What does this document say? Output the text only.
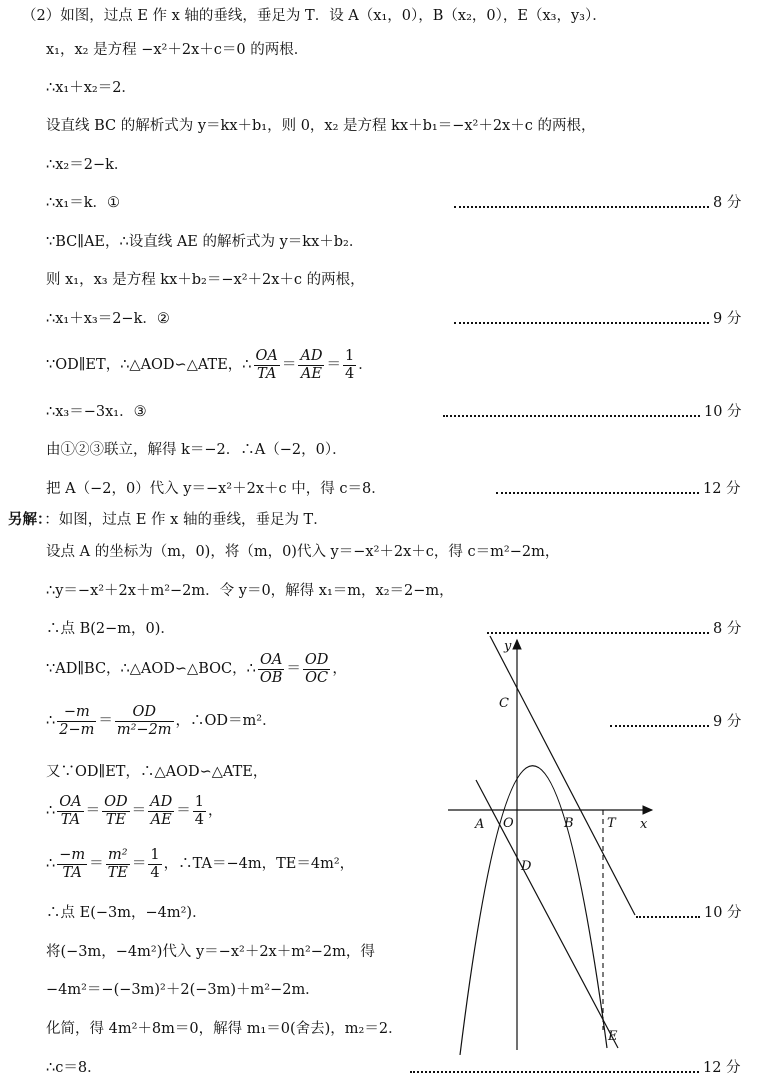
（2）如图，过点 E 作 x 轴的垂线，垂足为 T．设 A（x₁，0），B（x₂，0），E（x₃，y₃）．
x₁，x₂ 是方程 −x²＋2x＋c＝0 的两根．
∴x₁＋x₂＝2．
设直线 BC 的解析式为 y＝kx＋b₁，则 0，x₂ 是方程 kx＋b₁＝−x²＋2x＋c 的两根，
∴x₂＝2−k．
∴x₁＝k．①
∵BC∥AE，∴设直线 AE 的解析式为 y＝kx＋b₂．
则 x₁，x₃ 是方程 kx＋b₂＝−x²＋2x＋c 的两根，
∴x₁＋x₃＝2−k．②
∵OD∥ET，∴△AOD∽△ATE，∴ $\frac{OA}{TA} = \frac{AD}{AE} = \frac{1}{4}$ ．
∴x₃＝−3x₁．③
由①②③联立，解得 k＝−2．∴A（−2，0）．
把 A（−2，0）代入 y＝−x²＋2x＋c 中，得 c＝8．
8 分
9 分
10 分
12 分
另解：：如图，过点 E 作 x 轴的垂线，垂足为 T．
设点 A 的坐标为（m，0)，将（m，0)代入 y＝−x²＋2x＋c，得 c＝m²−2m，
∴y＝−x²＋2x＋m²−2m．令 y＝0，解得 x₁＝m，x₂＝2−m，
∴点 B(2−m，0)．
∵AD∥BC，∴△AOD∽△BOC，∴ $\frac{OA}{OB} = \frac{OD}{OC}$ ，
∴ $\frac{-m}{2-m} = \frac{OD}{\text{m²−2m}}$ ，∴OD＝m²．
又∵OD∥ET，∴△AOD∽△ATE，
∴ $\frac{OA}{TA} = \frac{OD}{TE} = \frac{AD}{AE} = \frac{1}{4}$ ，
∴ $\frac{-m}{TA} = \frac{\text{m²}}{TE} = \frac{1}{4}$ ，∴TA＝−4m，TE＝4m²，
∴点 E(−3m，−4m²)．
将(−3m，−4m²)代入 y＝−x²＋2x＋m²−2m，得
−4m²＝−(−3m)²＋2(−3m)＋m²−2m．
化简，得 4m²＋8m＝0，解得 m₁＝0(舍去)，m₂＝2．
∴c＝8．
8 分
9 分
10 分
12 分
y
x
C
O
A	B	T
D
E
